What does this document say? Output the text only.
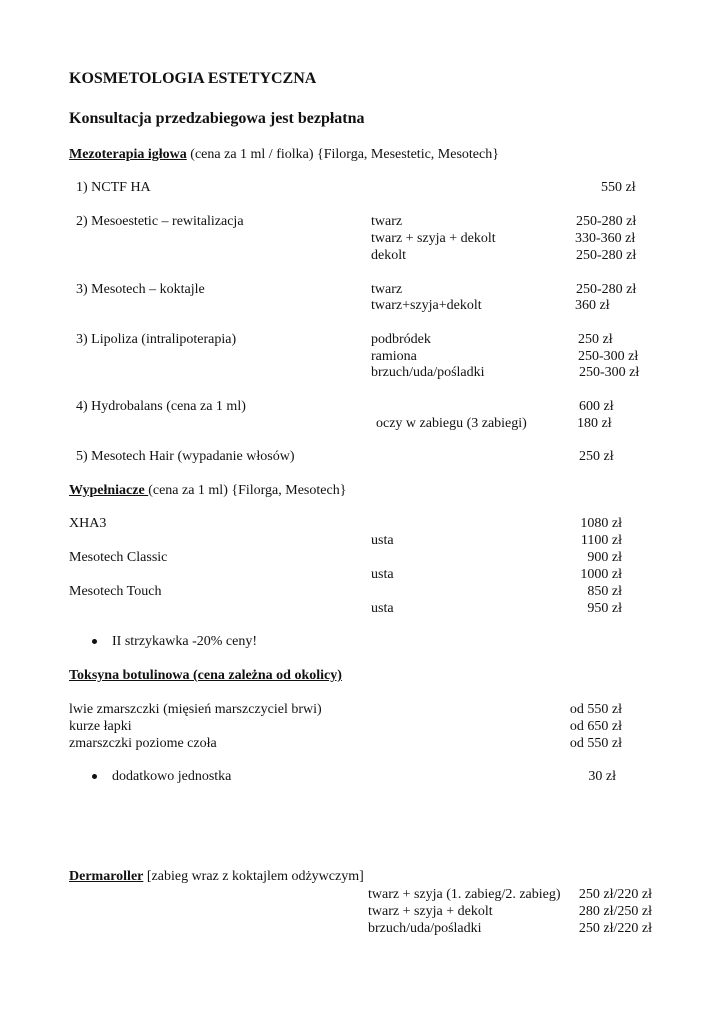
KOSMETOLOGIA ESTETYCZNA
Konsultacja przedzabiegowa jest bezpłatna
Mezoterapia igłowa (cena za 1 ml / fiolka) {Filorga, Mesestetic, Mesotech}
1) NCTF HA	550 zł
2) Mesoestetic – rewitalizacja	twarz	250-280 zł
twarz + szyja + dekolt	330-360 zł
dekolt	250-280 zł
3) Mesotech – koktajle	twarz	250-280 zł
twarz+szyja+dekolt	360 zł
3) Lipoliza (intralipoterapia)	podbródek	250 zł
ramiona	250-300 zł
brzuch/uda/pośladki	250-300 zł
4) Hydrobalans (cena za 1 ml)	600 zł
oczy w zabiegu (3 zabiegi)	180 zł
5) Mesotech Hair (wypadanie włosów)	250 zł
Wypełniacze (cena za 1 ml) {Filorga, Mesotech}
XHA3	1080 zł
usta	1100 zł
Mesotech Classic	900 zł
usta	1000 zł
Mesotech Touch	850 zł
usta	950 zł
II strzykawka -20% ceny!
Toksyna botulinowa (cena zależna od okolicy)
lwie zmarszczki (mięsień marszczyciel brwi)	od 550 zł
kurze łapki	od 650 zł
zmarszczki poziome czoła	od 550 zł
dodatkowo jednostka	30 zł
Dermaroller [zabieg wraz z koktajlem odżywczym]
twarz + szyja (1. zabieg/2. zabieg)	250 zł/220 zł
twarz + szyja + dekolt	280 zł/250 zł
brzuch/uda/pośladki	250 zł/220 zł
